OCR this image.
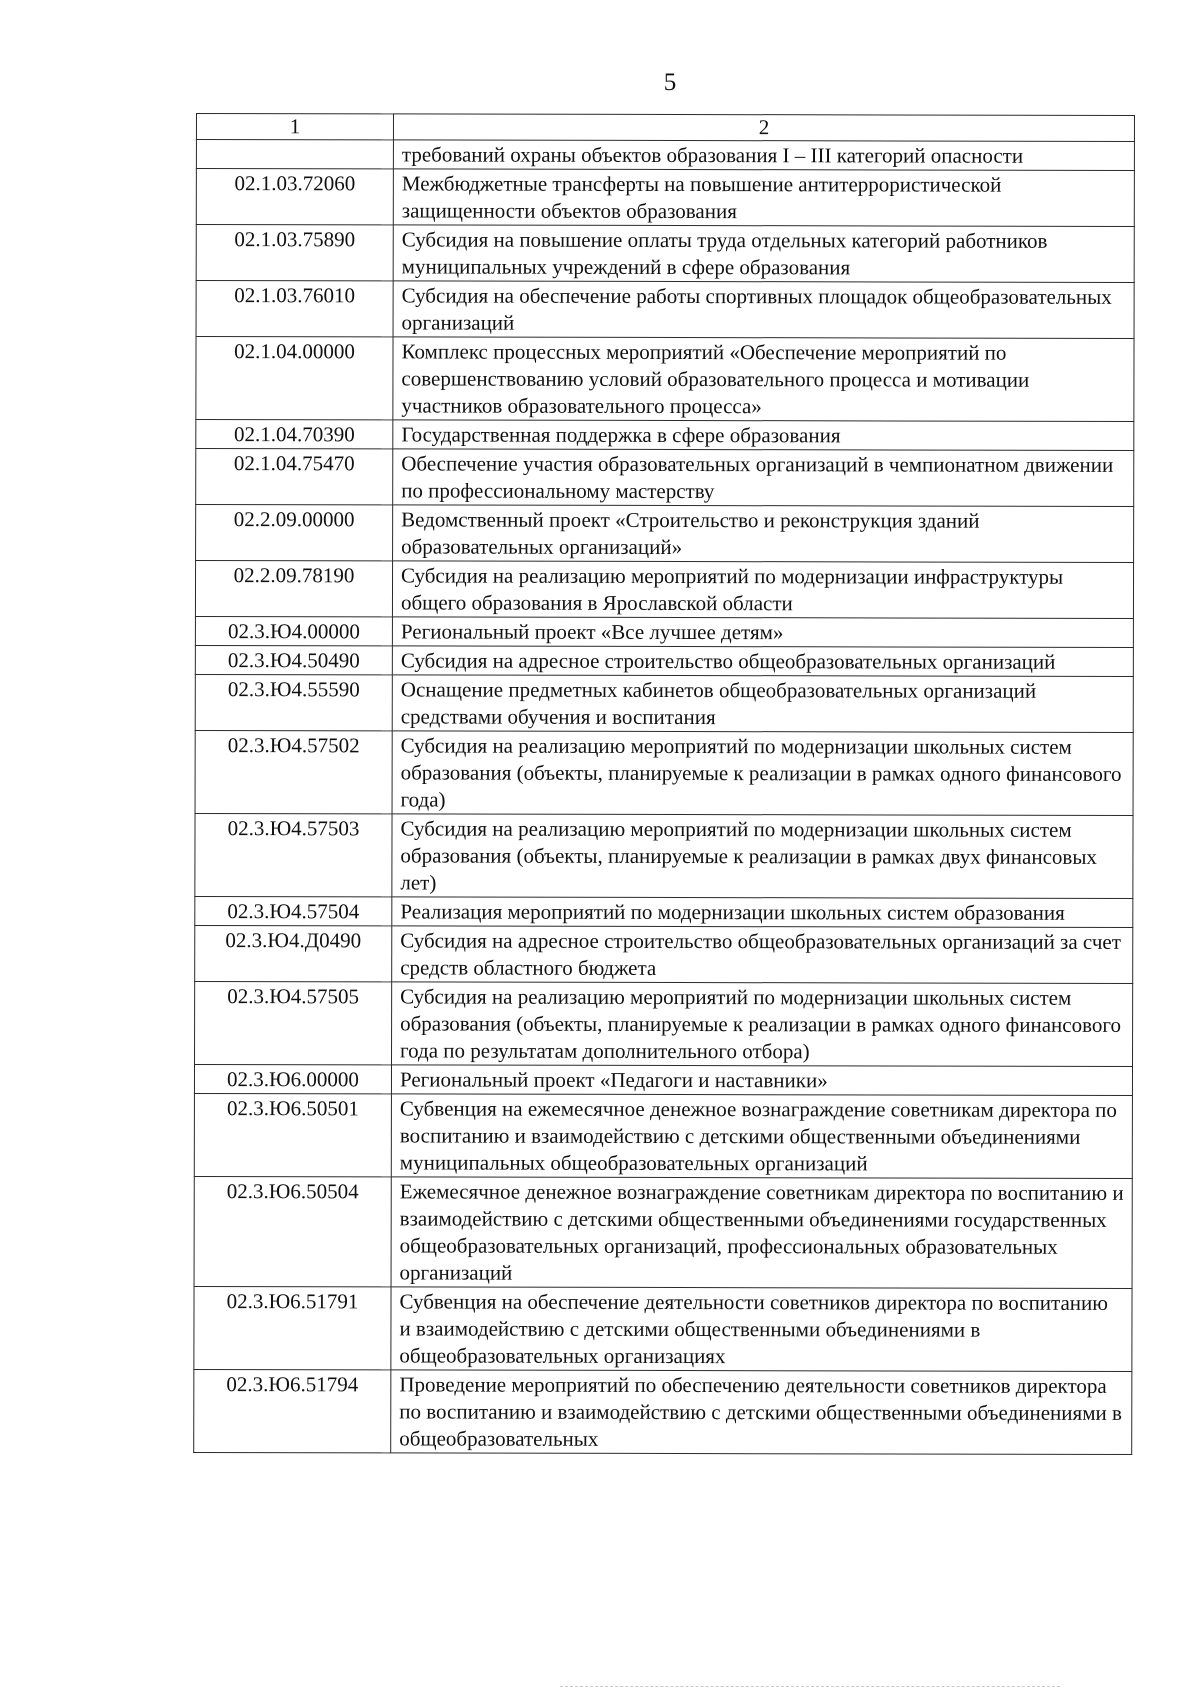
5
1	2
	требований охраны объектов образования I – III категорий опасности
02.1.03.72060	Межбюджетные трансферты на повышение антитеррористической защищенности объектов образования
02.1.03.75890	Субсидия на повышение оплаты труда отдельных категорий работников муниципальных учреждений в сфере образования
02.1.03.76010	Субсидия на обеспечение работы спортивных площадок общеобразовательных организаций
02.1.04.00000	Комплекс процессных мероприятий «Обеспечение мероприятий по совершенствованию условий образовательного процесса и мотивации участников образовательного процесса»
02.1.04.70390	Государственная поддержка в сфере образования
02.1.04.75470	Обеспечение участия образовательных организаций в чемпионатном движении по профессиональному мастерству
02.2.09.00000	Ведомственный проект «Строительство и реконструкция зданий образовательных организаций»
02.2.09.78190	Субсидия на реализацию мероприятий по модернизации инфраструктуры общего образования в Ярославской области
02.3.Ю4.00000	Региональный проект «Все лучшее детям»
02.3.Ю4.50490	Субсидия на адресное строительство общеобразовательных организаций
02.3.Ю4.55590	Оснащение предметных кабинетов общеобразовательных организаций средствами обучения и воспитания
02.3.Ю4.57502	Субсидия на реализацию мероприятий по модернизации школьных систем образования (объекты, планируемые к реализации в рамках одного финансового года)
02.3.Ю4.57503	Субсидия на реализацию мероприятий по модернизации школьных систем образования (объекты, планируемые к реализации в рамках двух финансовых лет)
02.3.Ю4.57504	Реализация мероприятий по модернизации школьных систем образования
02.3.Ю4.Д0490	Субсидия на адресное строительство общеобразовательных организаций за счет средств областного бюджета
02.3.Ю4.57505	Субсидия на реализацию мероприятий по модернизации школьных систем образования (объекты, планируемые к реализации в рамках одного финансового года по результатам дополнительного отбора)
02.3.Ю6.00000	Региональный проект «Педагоги и наставники»
02.3.Ю6.50501	Субвенция на ежемесячное денежное вознаграждение советникам директора по воспитанию и взаимодействию с детскими общественными объединениями муниципальных общеобразовательных организаций
02.3.Ю6.50504	Ежемесячное денежное вознаграждение советникам директора по воспитанию и взаимодействию с детскими общественными объединениями государственных общеобразовательных организаций, профессиональных образовательных организаций
02.3.Ю6.51791	Субвенция на обеспечение деятельности советников директора по воспитанию и взаимодействию с детскими общественными объединениями в общеобразовательных организациях
02.3.Ю6.51794	Проведение мероприятий по обеспечению деятельности советников директора по воспитанию и взаимодействию с детскими общественными объединениями в общеобразовательных
